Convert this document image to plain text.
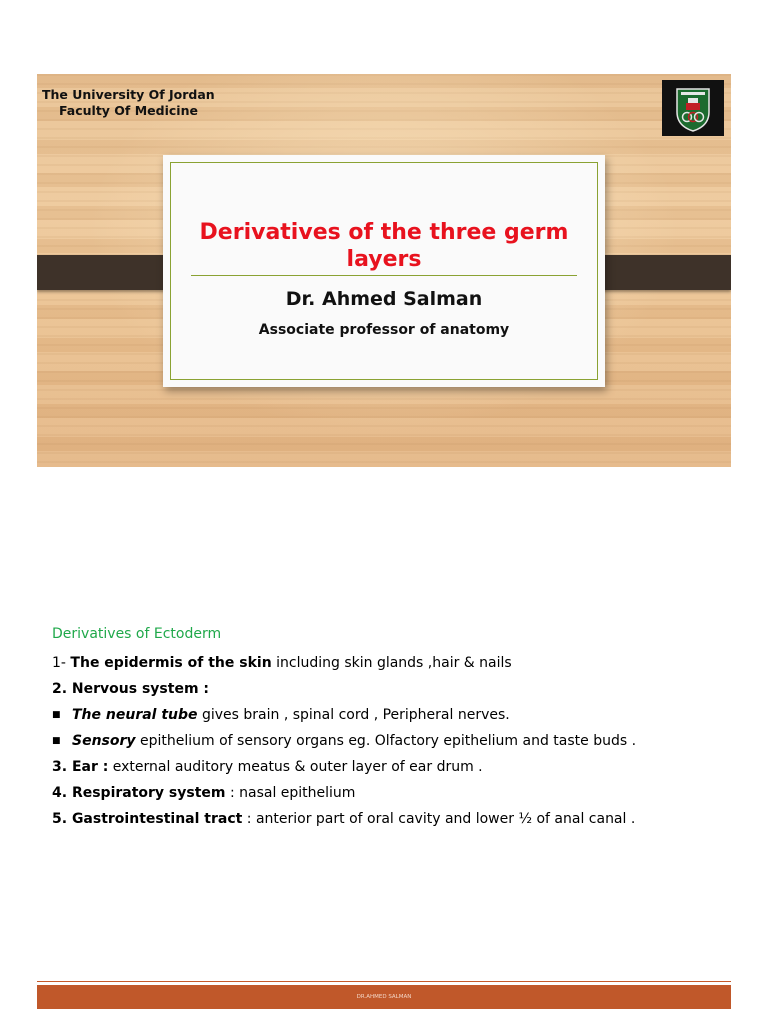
The University Of Jordan
Faculty Of Medicine
Derivatives of the three germ layers
Dr. Ahmed Salman
Associate professor of anatomy
Derivatives of Ectoderm
1- The epidermis of the skin including skin glands ,hair & nails
2. Nervous system :
■ The neural tube gives brain , spinal cord , Peripheral nerves.
■ Sensory epithelium of sensory organs eg. Olfactory epithelium and taste buds .
3. Ear : external auditory meatus & outer layer of ear drum .
4. Respiratory system : nasal epithelium
5. Gastrointestinal tract : anterior part of oral cavity and lower ½ of anal canal .
DR.AHMED SALMAN
